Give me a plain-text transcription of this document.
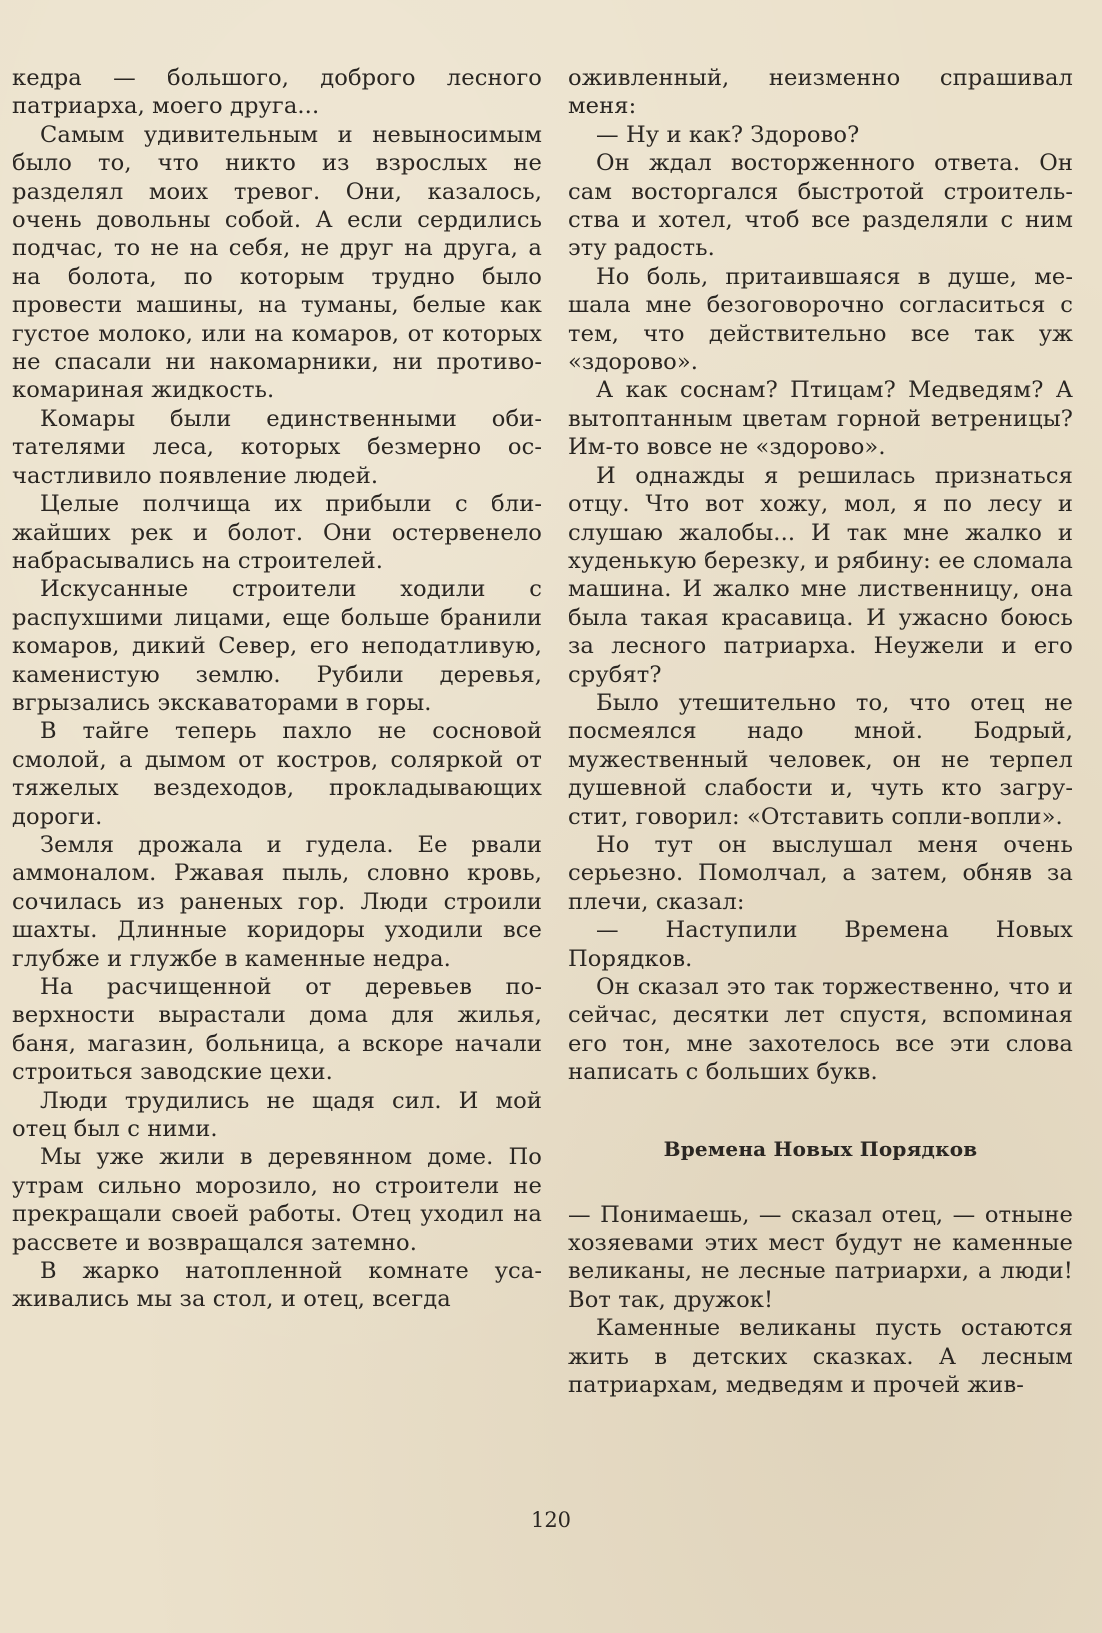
кедра — большого, доброго лесного патриарха, моего друга...

Самым удивительным и невыносимым было то, что никто из взрослых не разделял моих тревог. Они, казалось, очень довольны собой. А если сердились подчас, то не на себя, не друг на друга, а на болота, по которым трудно было провести машины, на туманы, белые как густое молоко, или на комаров, от которых не спасали ни накомарники, ни противокомариная жидкость.

Комары были единственными обитателями леса, которых безмерно осчастливило появление людей.

Целые полчища их прибыли с ближайших рек и болот. Они остервенело набрасывались на строителей.

Искусанные строители ходили с распухшими лицами, еще больше бранили комаров, дикий Север, его неподатливую, каменистую землю. Рубили деревья, вгрызались экскаваторами в горы.

В тайге теперь пахло не сосновой смолой, а дымом от костров, соляркой от тяжелых вездеходов, прокладывающих дороги.

Земля дрожала и гудела. Ее рвали аммоналом. Ржавая пыль, словно кровь, сочилась из раненых гор. Люди строили шахты. Длинные коридоры уходили все глубже и глужбе в каменные недра.

На расчищенной от деревьев поверхности вырастали дома для жилья, баня, магазин, больница, а вскоре начали строиться заводские цехи.

Люди трудились не щадя сил. И мой отец был с ними.

Мы уже жили в деревянном доме. По утрам сильно морозило, но строители не прекращали своей работы. Отец уходил на рассвете и возвращался затемно.

В жарко натопленной комнате усаживались мы за стол, и отец, всегда

оживленный, неизменно спрашивал меня:

— Ну и как? Здорово?

Он ждал восторженного ответа. Он сам восторгался быстротой строительства и хотел, чтоб все разделяли с ним эту радость.

Но боль, притаившаяся в душе, мешала мне безоговорочно согласиться с тем, что действительно все так уж «здорово».

А как соснам? Птицам? Медведям? А вытоптанным цветам горной ветреницы? Им-то вовсе не «здорово».

И однажды я решилась признаться отцу. Что вот хожу, мол, я по лесу и слушаю жалобы... И так мне жалко и худенькую березку, и рябину: ее сломала машина. И жалко мне лиственницу, она была такая красавица. И ужасно боюсь за лесного патриарха. Неужели и его срубят?

Было утешительно то, что отец не посмеялся надо мной. Бодрый, мужественный человек, он не терпел душевной слабости и, чуть кто загрустит, говорил: «Отставить сопли-вопли».

Но тут он выслушал меня очень серьезно. Помолчал, а затем, обняв за плечи, сказал:

— Наступили Времена Новых Порядков.

Он сказал это так торжественно, что и сейчас, десятки лет спустя, вспоминая его тон, мне захотелось все эти слова написать с больших букв.

Времена Новых Порядков

— Понимаешь, — сказал отец, — отныне хозяевами этих мест будут не каменные великаны, не лесные патриархи, а люди! Вот так, дружок!

Каменные великаны пусть остаются жить в детских сказках. А лесным патриархам, медведям и прочей жив-

120
